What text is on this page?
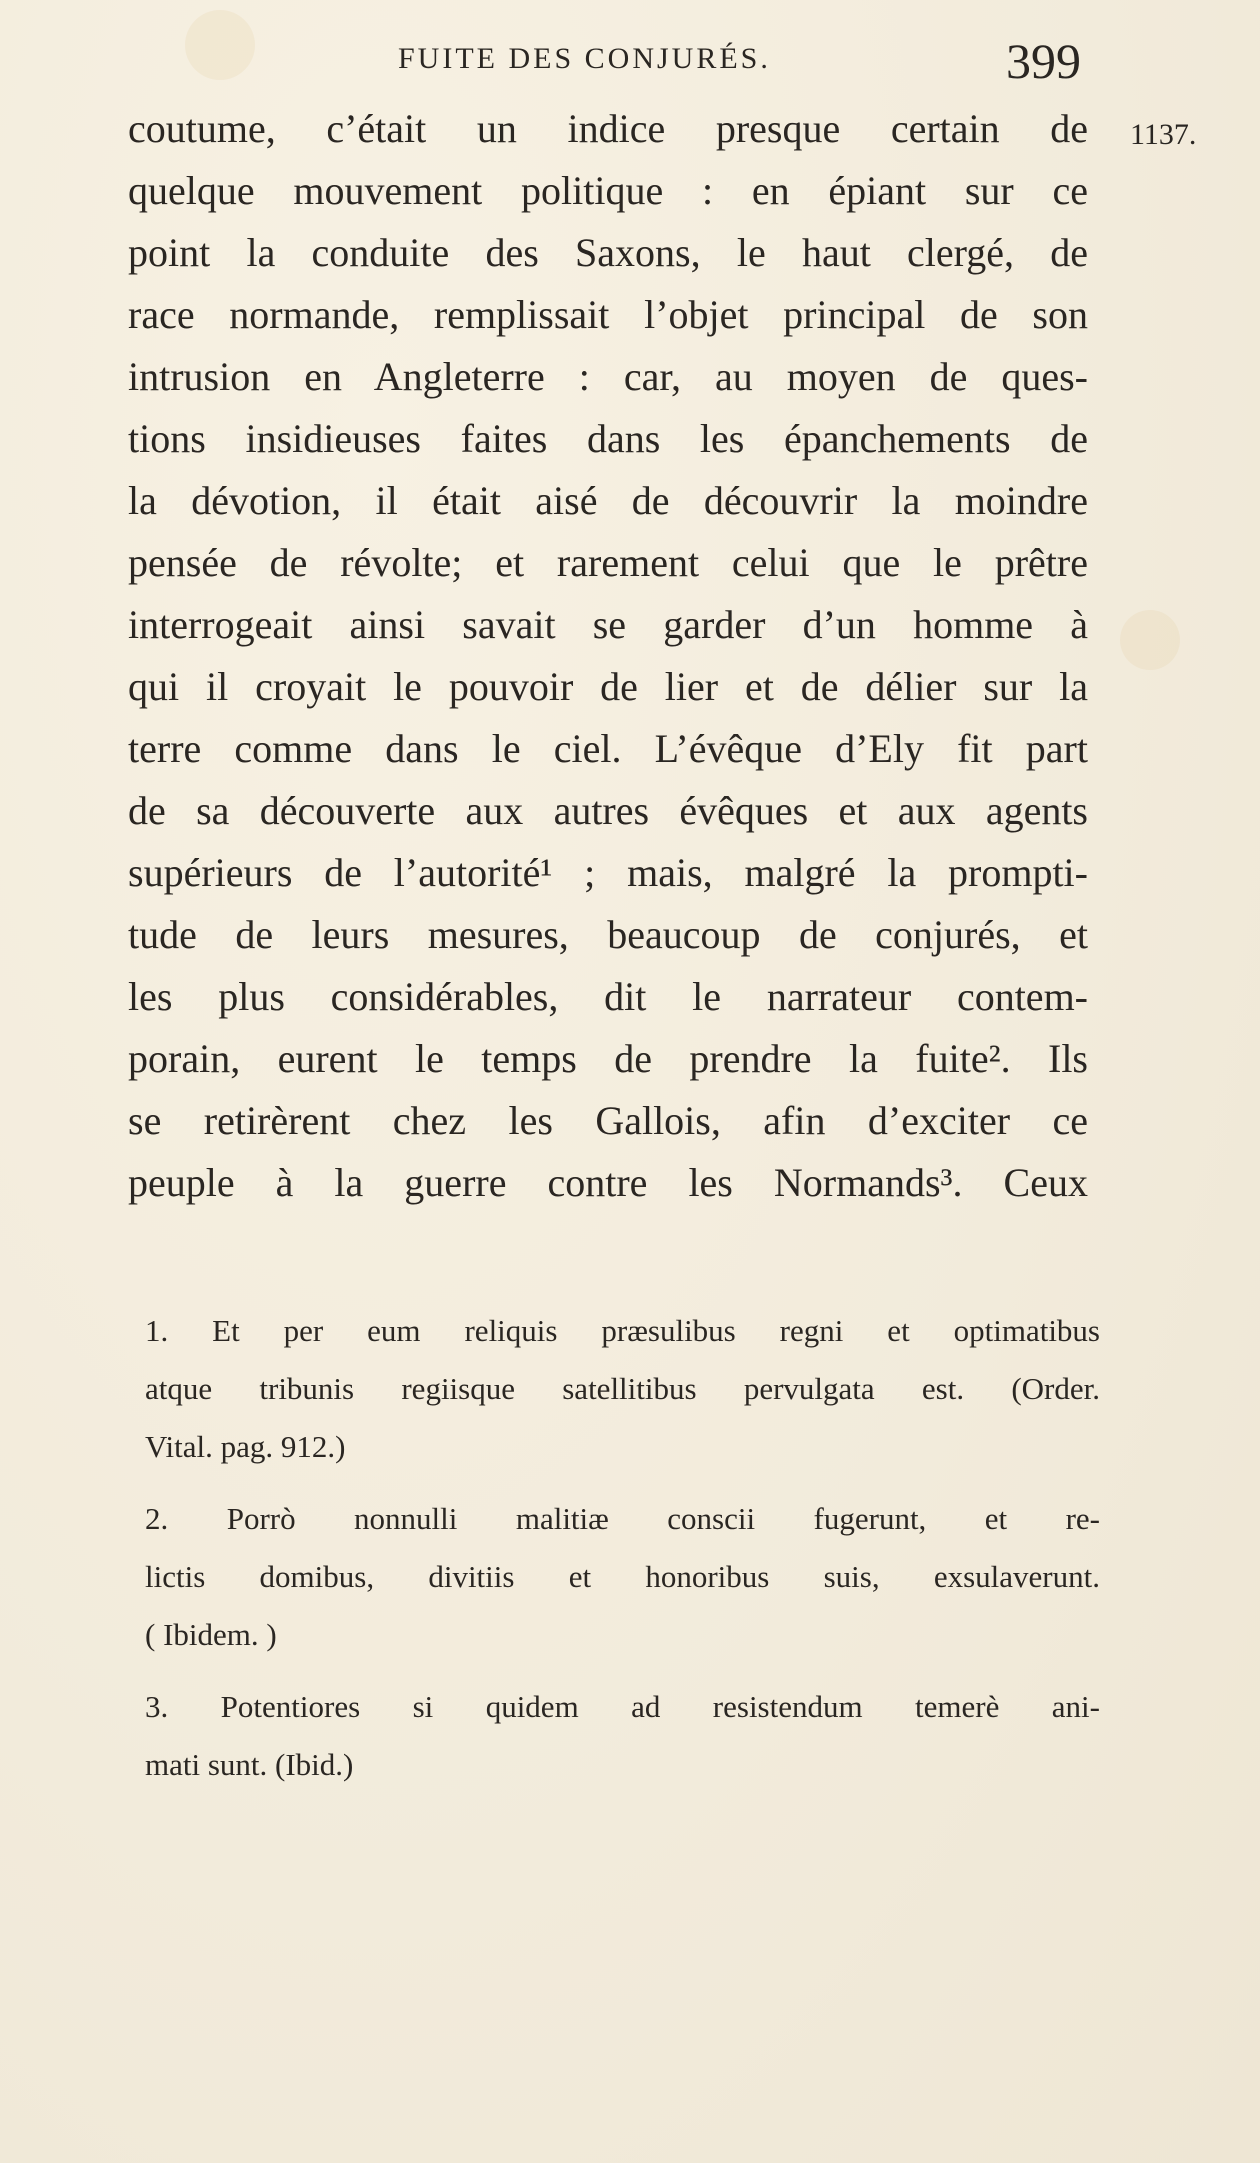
FUITE DES CONJURÉS.	399
1137.
coutume, c’était un indice presque certain de
quelque mouvement politique : en épiant sur ce
point la conduite des Saxons, le haut clergé, de
race normande, remplissait l’objet principal de son
intrusion en Angleterre : car, au moyen de ques-
tions insidieuses faites dans les épanchements de
la dévotion, il était aisé de découvrir la moindre
pensée de révolte; et rarement celui que le prêtre
interrogeait ainsi savait se garder d’un homme à
qui il croyait le pouvoir de lier et de délier sur la
terre comme dans le ciel. L’évêque d’Ely fit part
de sa découverte aux autres évêques et aux agents
supérieurs de l’autorité¹ ; mais, malgré la prompti-
tude de leurs mesures, beaucoup de conjurés, et
les plus considérables, dit le narrateur contem-
porain, eurent le temps de prendre la fuite². Ils
se retirèrent chez les Gallois, afin d’exciter ce
peuple à la guerre contre les Normands³. Ceux
1. Et per eum reliquis præsulibus regni et optimatibus
atque tribunis regiisque satellitibus pervulgata est. (Order.
Vital. pag. 912.)
2. Porrò nonnulli malitiæ conscii fugerunt, et re-
lictis domibus, divitiis et honoribus suis, exsulaverunt.
( Ibidem. )
3. Potentiores si quidem ad resistendum temerè ani-
mati sunt. (Ibid.)
